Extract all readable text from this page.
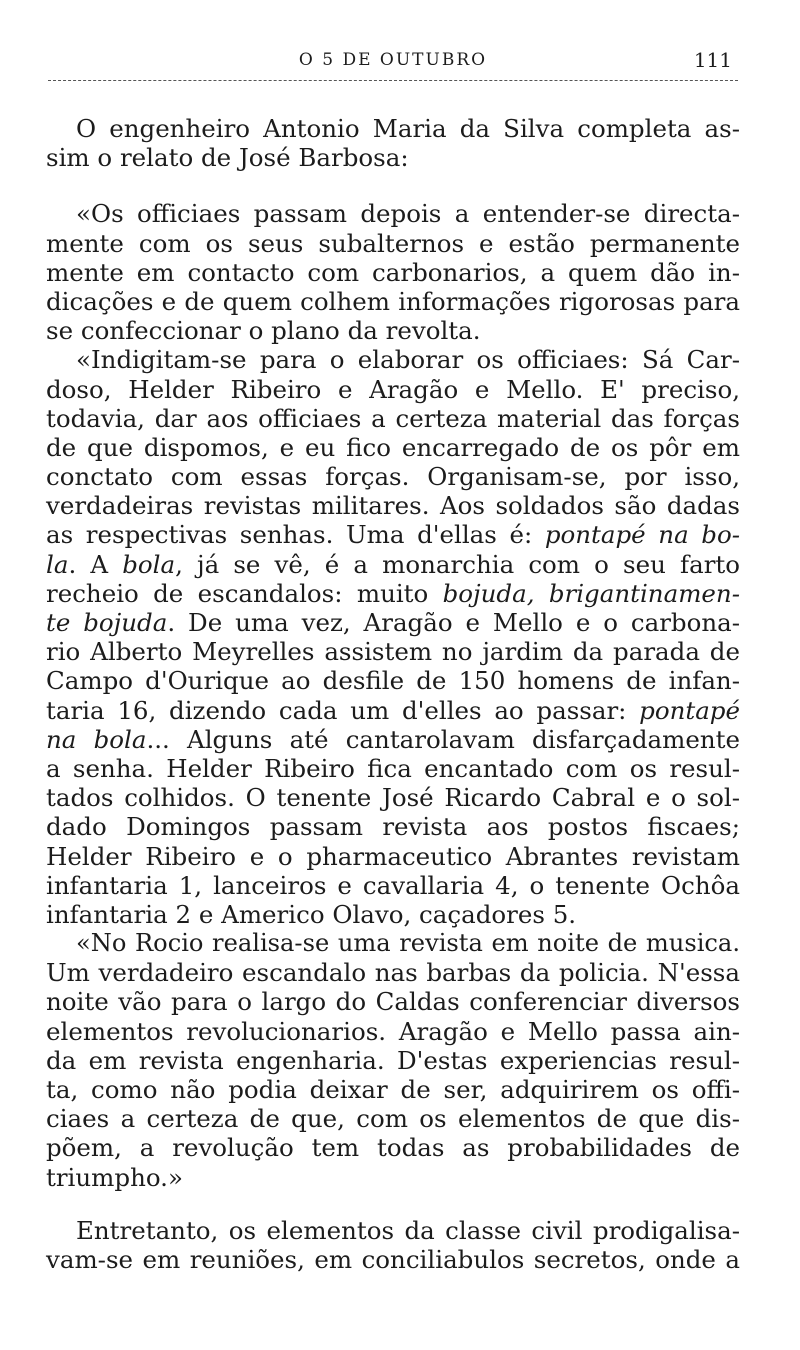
O 5 DE OUTUBRO	111
O engenheiro Antonio Maria da Silva completa as-
sim o relato de José Barbosa:
«Os officiaes passam depois a entender-se directa-
mente com os seus subalternos e estão permanente
mente em contacto com carbonarios, a quem dão in-
dicações e de quem colhem informações rigorosas para
se confeccionar o plano da revolta.
«Indigitam-se para o elaborar os officiaes: Sá Car-
doso, Helder Ribeiro e Aragão e Mello. E' preciso,
todavia, dar aos officiaes a certeza material das forças
de que dispomos, e eu fico encarregado de os pôr em
conctato com essas forças. Organisam-se, por isso,
verdadeiras revistas militares. Aos soldados são dadas
as respectivas senhas. Uma d'ellas é: pontapé na bo-
la. A bola, já se vê, é a monarchia com o seu farto
recheio de escandalos: muito bojuda, brigantinamen-
te bojuda. De uma vez, Aragão e Mello e o carbona-
rio Alberto Meyrelles assistem no jardim da parada de
Campo d'Ourique ao desfile de 150 homens de infan-
taria 16, dizendo cada um d'elles ao passar: pontapé
na bola... Alguns até cantarolavam disfarçadamente
a senha. Helder Ribeiro fica encantado com os resul-
tados colhidos. O tenente José Ricardo Cabral e o sol-
dado Domingos passam revista aos postos fiscaes;
Helder Ribeiro e o pharmaceutico Abrantes revistam
infantaria 1, lanceiros e cavallaria 4, o tenente Ochôa
infantaria 2 e Americo Olavo, caçadores 5.
«No Rocio realisa-se uma revista em noite de musica.
Um verdadeiro escandalo nas barbas da policia. N'essa
noite vão para o largo do Caldas conferenciar diversos
elementos revolucionarios. Aragão e Mello passa ain-
da em revista engenharia. D'estas experiencias resul-
ta, como não podia deixar de ser, adquirirem os offi-
ciaes a certeza de que, com os elementos de que dis-
põem, a revolução tem todas as probabilidades de
triumpho.»
Entretanto, os elementos da classe civil prodigalisa-
vam-se em reuniões, em conciliabulos secretos, onde a
